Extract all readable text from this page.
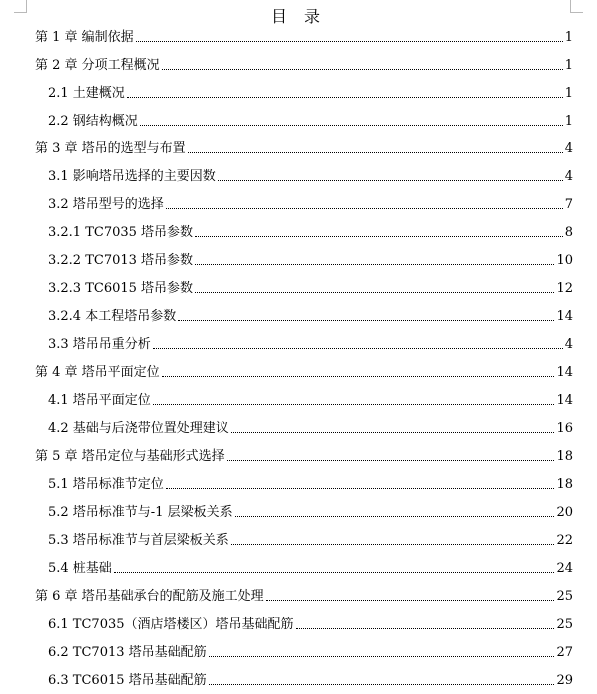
目 录
第 1 章 编制依据	1
第 2 章 分项工程概况	1
2.1 土建概况	1
2.2 钢结构概况	1
第 3 章 塔吊的选型与布置	4
3.1 影响塔吊选择的主要因数	4
3.2 塔吊型号的选择	7
3.2.1 TC7035 塔吊参数	8
3.2.2 TC7013 塔吊参数	10
3.2.3 TC6015 塔吊参数	12
3.2.4 本工程塔吊参数	14
3.3 塔吊吊重分析	4
第 4 章 塔吊平面定位	14
4.1 塔吊平面定位	14
4.2 基础与后浇带位置处理建议	16
第 5 章 塔吊定位与基础形式选择	18
5.1 塔吊标准节定位	18
5.2 塔吊标准节与-1 层梁板关系	20
5.3 塔吊标准节与首层梁板关系	22
5.4 桩基础	24
第 6 章 塔吊基础承台的配筋及施工处理	25
6.1 TC7035（酒店塔楼区）塔吊基础配筋	25
6.2 TC7013 塔吊基础配筋	27
6.3 TC6015 塔吊基础配筋	29
